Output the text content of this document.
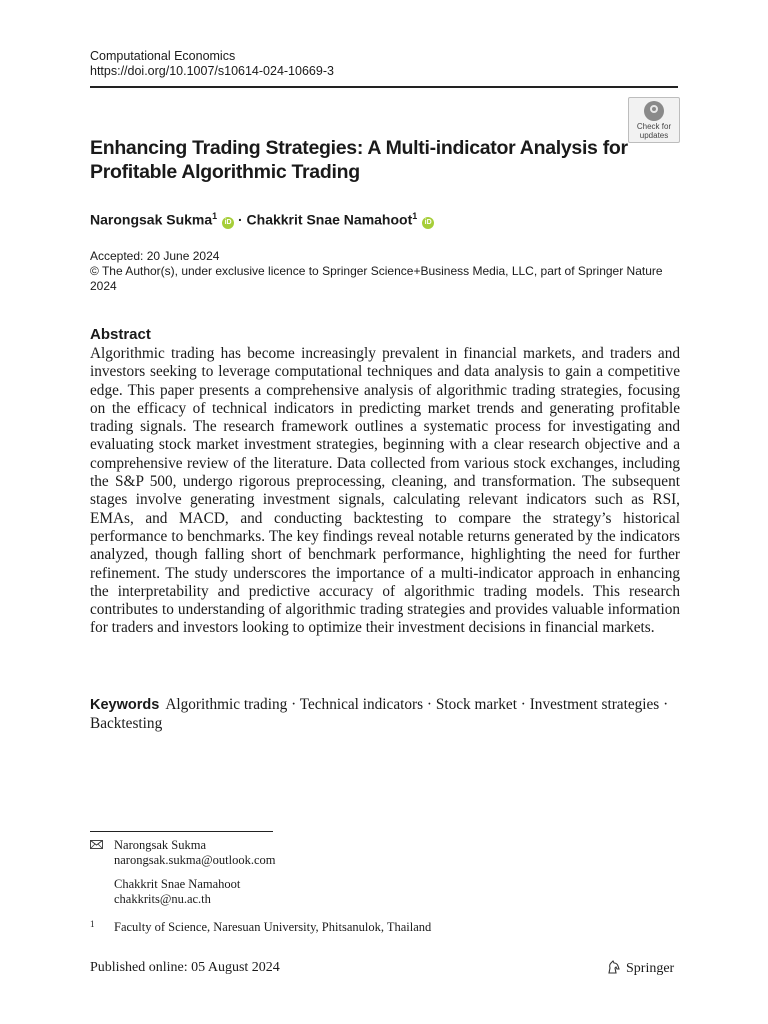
Computational Economics
https://doi.org/10.1007/s10614-024-10669-3
Check for
updates
Enhancing Trading Strategies: A Multi-indicator Analysis for Profitable Algorithmic Trading
Narongsak Sukma$^1$ iD · Chakkrit Snae Namahoot$^1$ iD
Accepted: 20 June 2024
© The Author(s), under exclusive licence to Springer Science+Business Media, LLC, part of Springer Nature 2024
Abstract
Algorithmic trading has become increasingly prevalent in financial markets, and traders and investors seeking to leverage computational techniques and data analysis to gain a competitive edge. This paper presents a comprehensive analysis of algorithmic trading strategies, focusing on the efficacy of technical indicators in predicting market trends and generating profitable trading signals. The research framework outlines a systematic process for investigating and evaluating stock market investment strategies, beginning with a clear research objective and a comprehensive review of the literature. Data collected from various stock exchanges, including the S&P 500, undergo rigorous preprocessing, cleaning, and transformation. The subsequent stages involve generating investment signals, calculating relevant indicators such as RSI, EMAs, and MACD, and conducting backtesting to compare the strategy’s historical performance to benchmarks. The key findings reveal notable returns generated by the indicators analyzed, though falling short of benchmark performance, highlighting the need for further refinement. The study underscores the importance of a multi-indicator approach in enhancing the interpretability and predictive accuracy of algorithmic trading models. This research contributes to understanding of algorithmic trading strategies and provides valuable information for traders and investors looking to optimize their investment decisions in financial markets.
Keywords Algorithmic trading · Technical indicators · Stock market · Investment strategies · Backtesting
Narongsak Sukma
narongsak.sukma@outlook.com
Chakkrit Snae Namahoot
chakkrits@nu.ac.th
1 Faculty of Science, Naresuan University, Phitsanulok, Thailand
Published online: 05 August 2024	Springer
